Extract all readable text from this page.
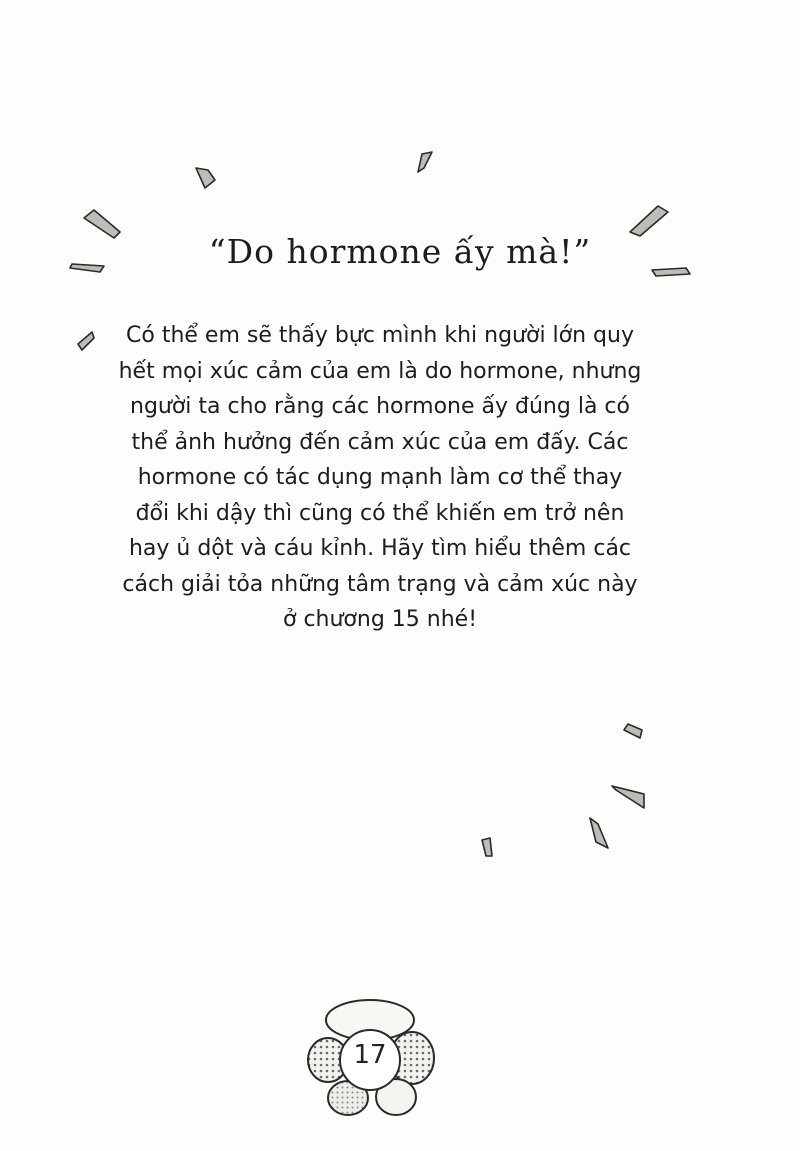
“Do hormone ấy mà!”

Có thể em sẽ thấy bực mình khi người lớn quy
hết mọi xúc cảm của em là do hormone, nhưng
người ta cho rằng các hormone ấy đúng là có
thể ảnh hưởng đến cảm xúc của em đấy. Các
hormone có tác dụng mạnh làm cơ thể thay
đổi khi dậy thì cũng có thể khiến em trở nên
hay ủ dột và cáu kỉnh. Hãy tìm hiểu thêm các
cách giải tỏa những tâm trạng và cảm xúc này
ở chương 15 nhé!

17
